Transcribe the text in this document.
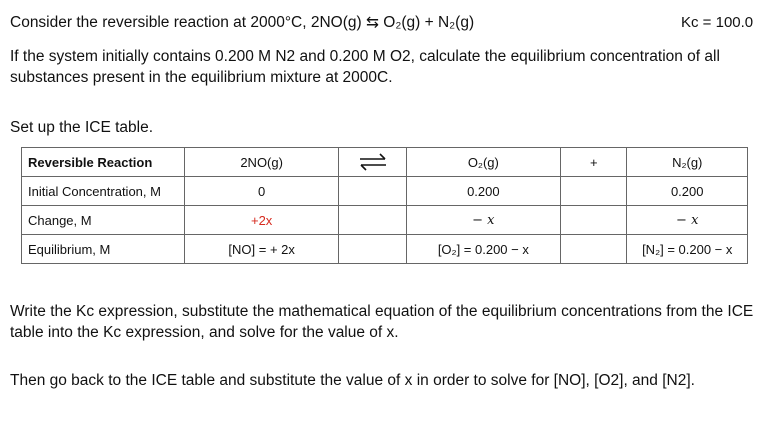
Consider the reversible reaction at 2000°C, 2NO(g) ⇆ O₂(g) + N₂(g)	Kc = 100.0
If the system initially contains 0.200 M N2 and 0.200 M O2, calculate the equilibrium concentration of all substances present in the equilibrium mixture at 2000C.
Set up the ICE table.
Reversible Reaction	2NO(g)		O₂(g)	+	N₂(g)
Initial Concentration, M	0		0.200		0.200
Change, M	+2x		− x		− x
Equilibrium, M	[NO] = + 2x		[O₂] = 0.200 − x		[N₂] = 0.200 − x
Write the Kc expression, substitute the mathematical equation of the equilibrium concentrations from the ICE table into the Kc expression, and solve for the value of x.
Then go back to the ICE table and substitute the value of x in order to solve for [NO], [O2], and [N2].
